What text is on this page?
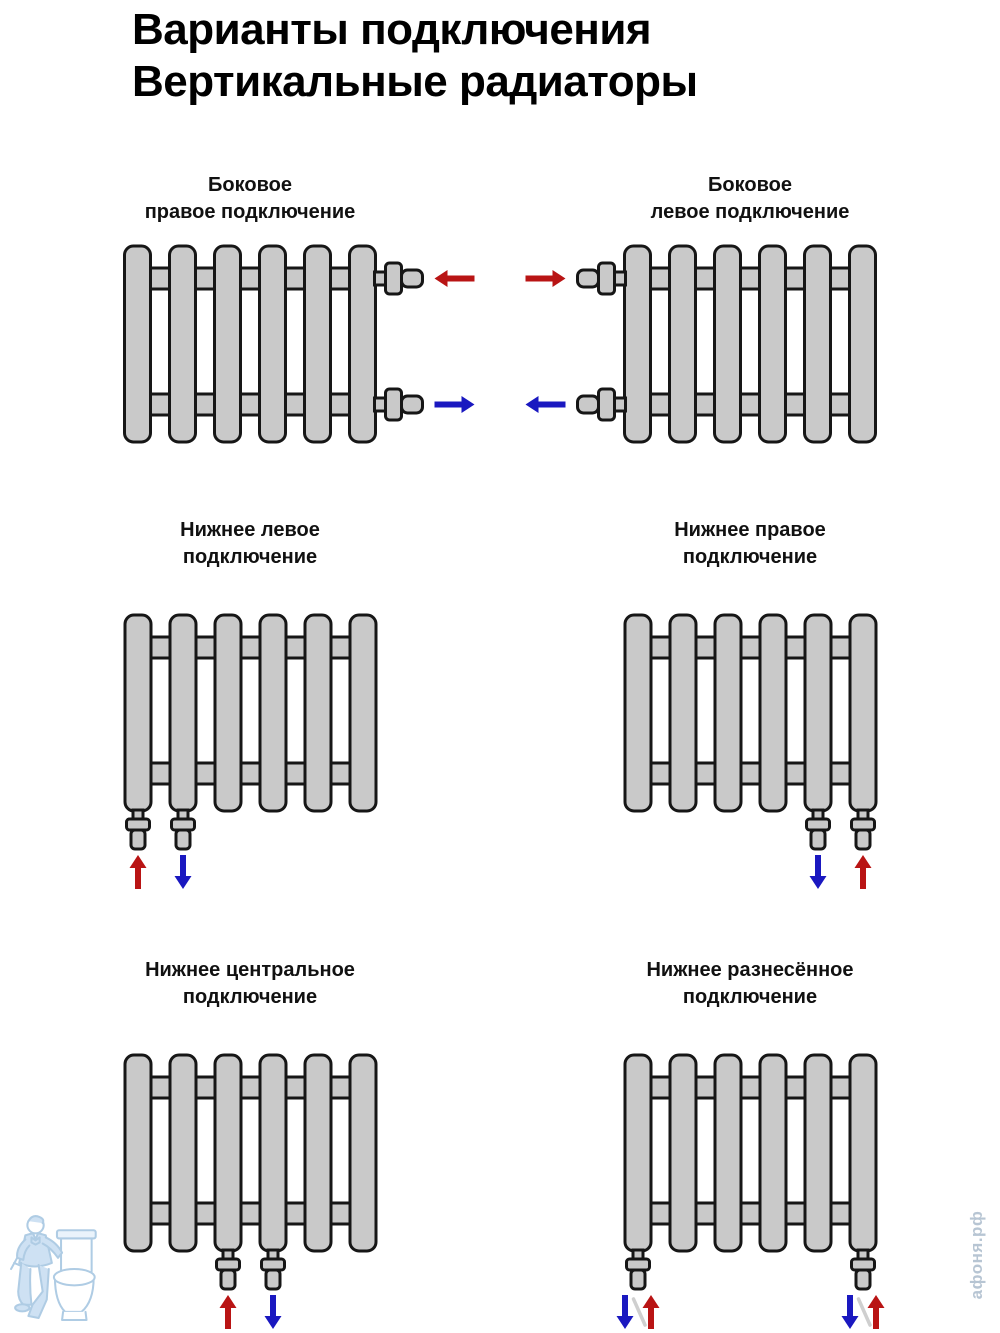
Варианты подключения
Вертикальные радиаторы
Боковое
правое подключение
Боковое
левое подключение
Нижнее левое
подключение
Нижнее правое
подключение
Нижнее центральное
подключение
Нижнее разнесённое
подключение
афоня.рф
